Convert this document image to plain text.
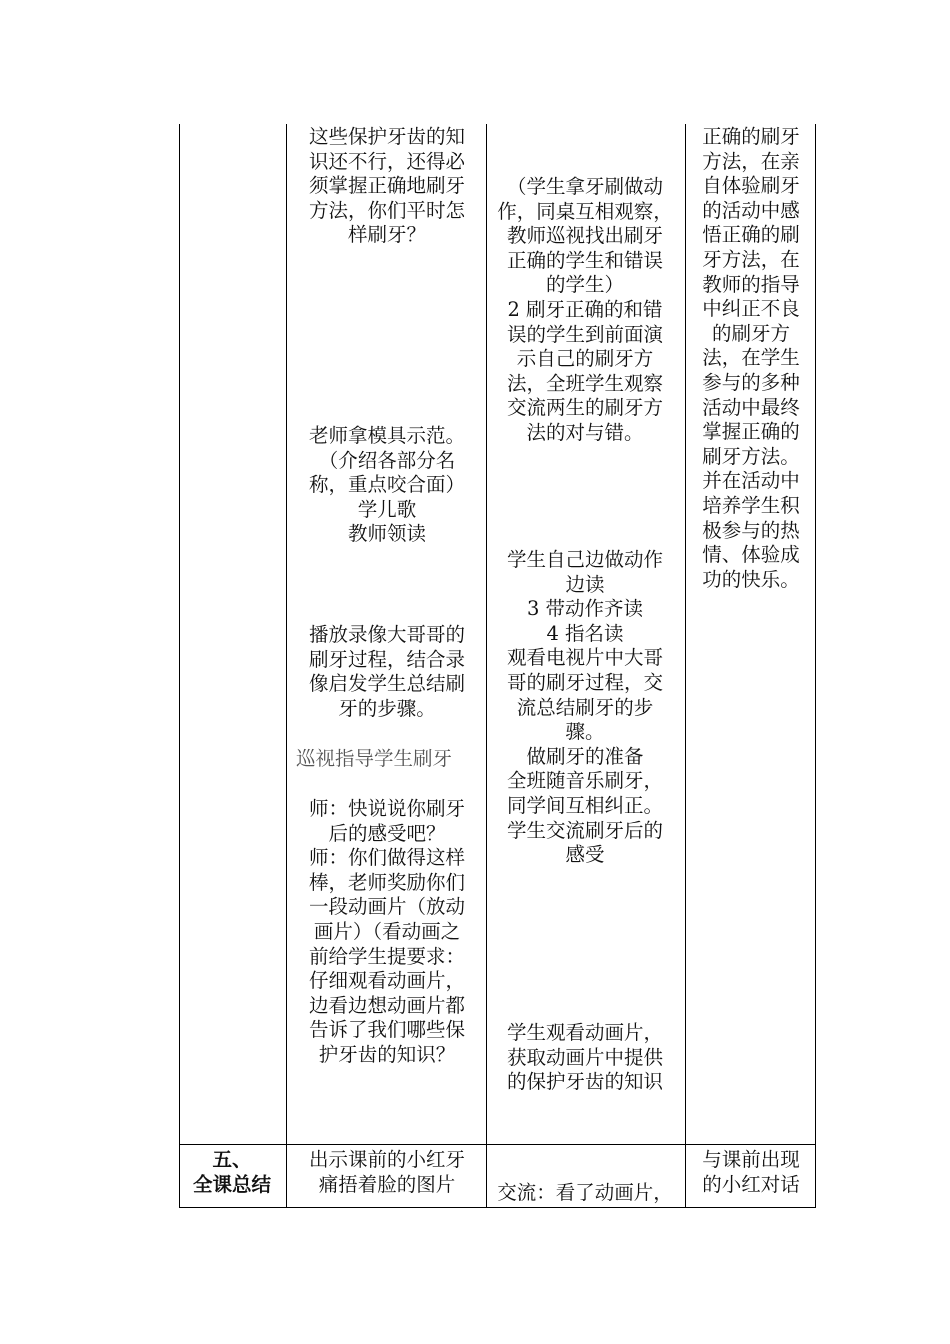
这些保护牙齿的知
识还不行，还得必
须掌握正确地刷牙
方法，你们平时怎
样刷牙？
老师拿模具示范。
（介绍各部分名
称，重点咬合面）
学儿歌
教师领读
播放录像大哥哥的
刷牙过程，结合录
像启发学生总结刷
牙的步骤。
巡视指导学生刷牙
师：快说说你刷牙
后的感受吧？
师：你们做得这样
棒，老师奖励你们
一段动画片（放动
画片）（看动画之
前给学生提要求：
仔细观看动画片，
边看边想动画片都
告诉了我们哪些保
护牙齿的知识？
（学生拿牙刷做动
作，同桌互相观察，
教师巡视找出刷牙
正确的学生和错误
的学生）
2 刷牙正确的和错
误的学生到前面演
示自己的刷牙方
法，全班学生观察
交流两生的刷牙方
法的对与错。
学生自己边做动作
边读
3 带动作齐读
4 指名读
观看电视片中大哥
哥的刷牙过程，交
流总结刷牙的步
骤。
做刷牙的准备
全班随音乐刷牙，
同学间互相纠正。
学生交流刷牙后的
感受
学生观看动画片，
获取动画片中提供
的保护牙齿的知识
正确的刷牙
方法，在亲
自体验刷牙
的活动中感
悟正确的刷
牙方法，在
教师的指导
中纠正不良
的刷牙方
法，在学生
参与的多种
活动中最终
掌握正确的
刷牙方法。
并在活动中
培养学生积
极参与的热
情、体验成
功的快乐。
五、
全课总结
出示课前的小红牙
痛捂着脸的图片	交流：看了动画片，
与课前出现
的小红对话
